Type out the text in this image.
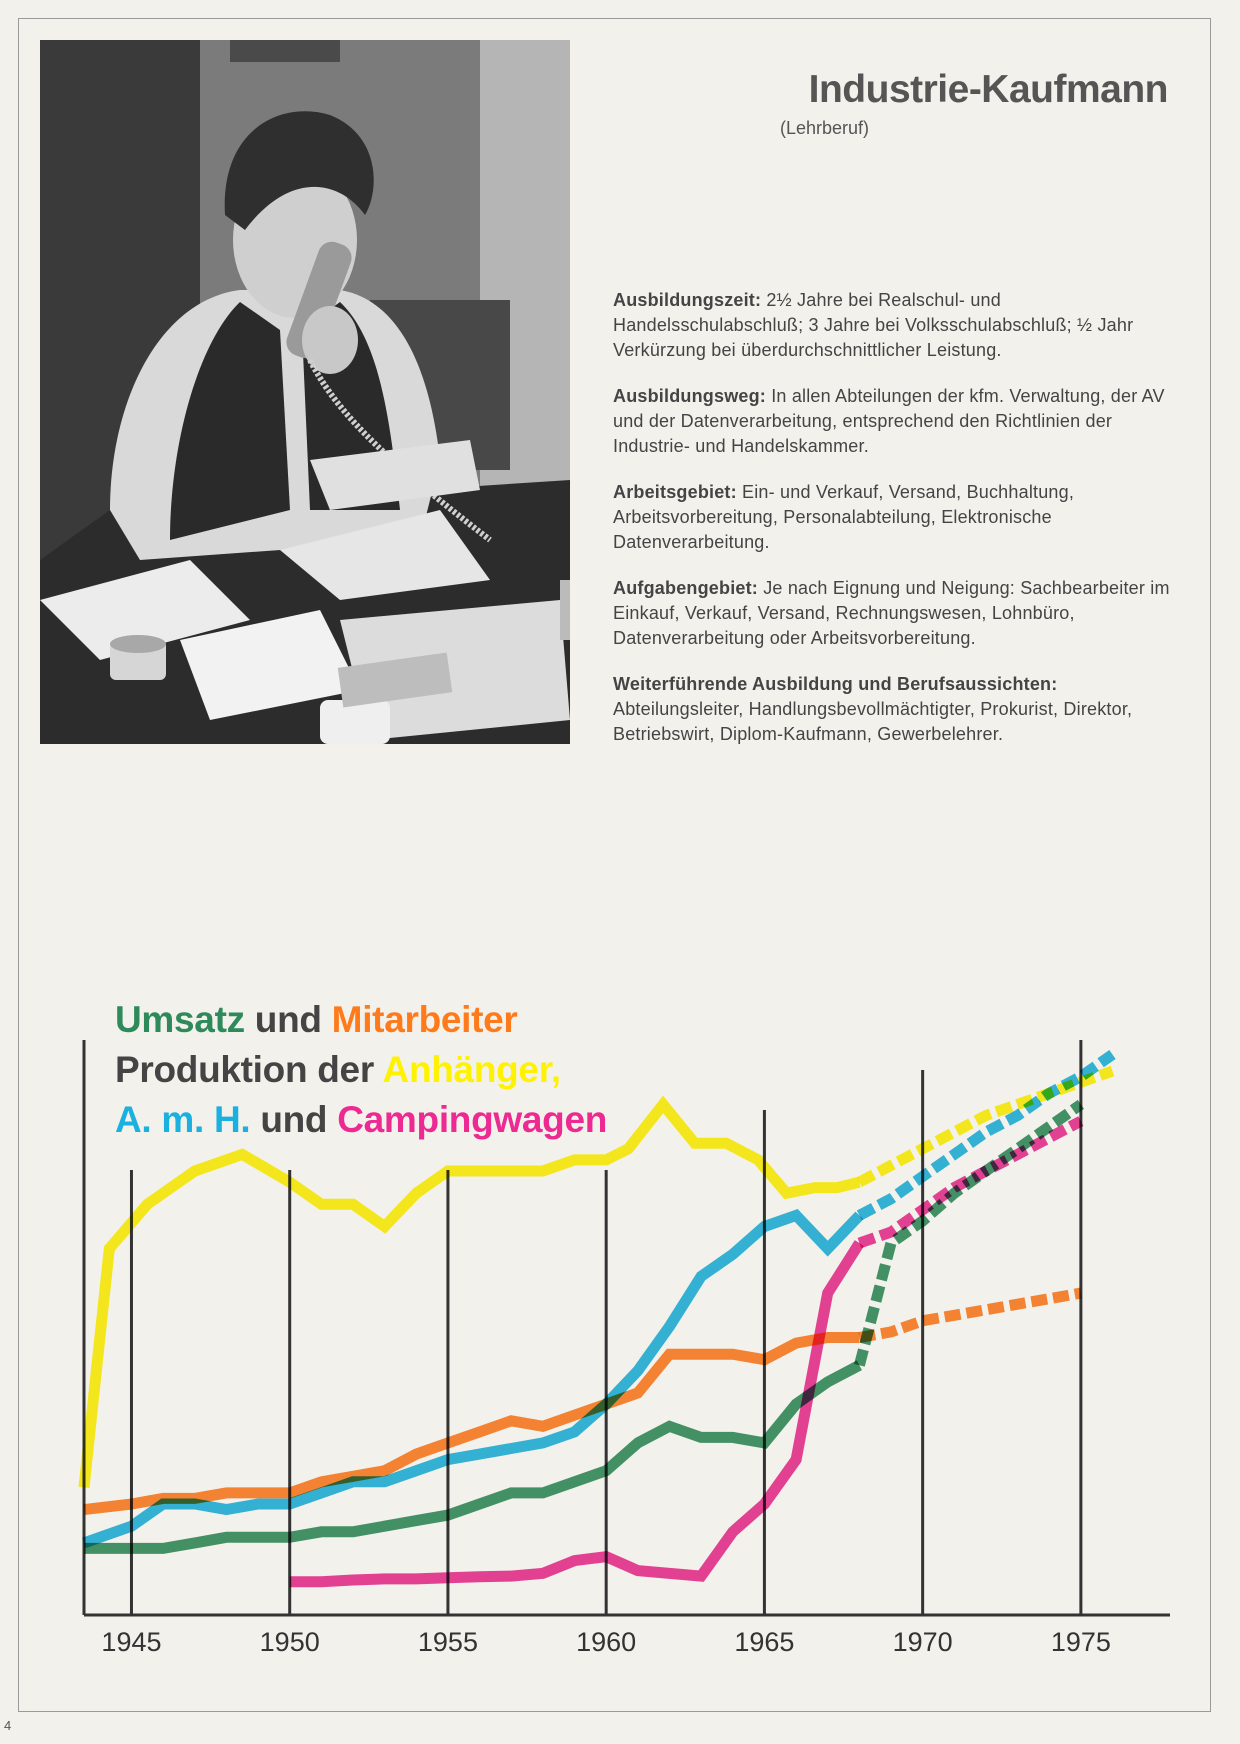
Industrie-Kaufmann
(Lehrberuf)

Ausbildungszeit: 2½ Jahre bei Realschul- und Handelsschulabschluß; 3 Jahre bei Volksschulabschluß; ½ Jahr Verkürzung bei überdurchschnittlicher Leistung.

Ausbildungsweg: In allen Abteilungen der kfm. Verwaltung, der AV und der Datenverarbeitung, entsprechend den Richtlinien der Industrie- und Handelskammer.

Arbeitsgebiet: Ein- und Verkauf, Versand, Buchhaltung, Arbeitsvorbereitung, Personalabteilung, Elektronische Datenverarbeitung.

Aufgabengebiet: Je nach Eignung und Neigung: Sachbearbeiter im Einkauf, Verkauf, Versand, Rechnungswesen, Lohnbüro, Datenverarbeitung oder Arbeitsvorbereitung.

Weiterführende Ausbildung und Berufsaussichten:
Abteilungsleiter, Handlungsbevollmächtigter, Prokurist, Direktor, Betriebswirt, Diplom-Kaufmann, Gewerbelehrer.

1945	1950	1955	1960	1965	1970	1975
Umsatz und Mitarbeiter
Produktion der Anhänger,
A. m. H. und Campingwagen
4
